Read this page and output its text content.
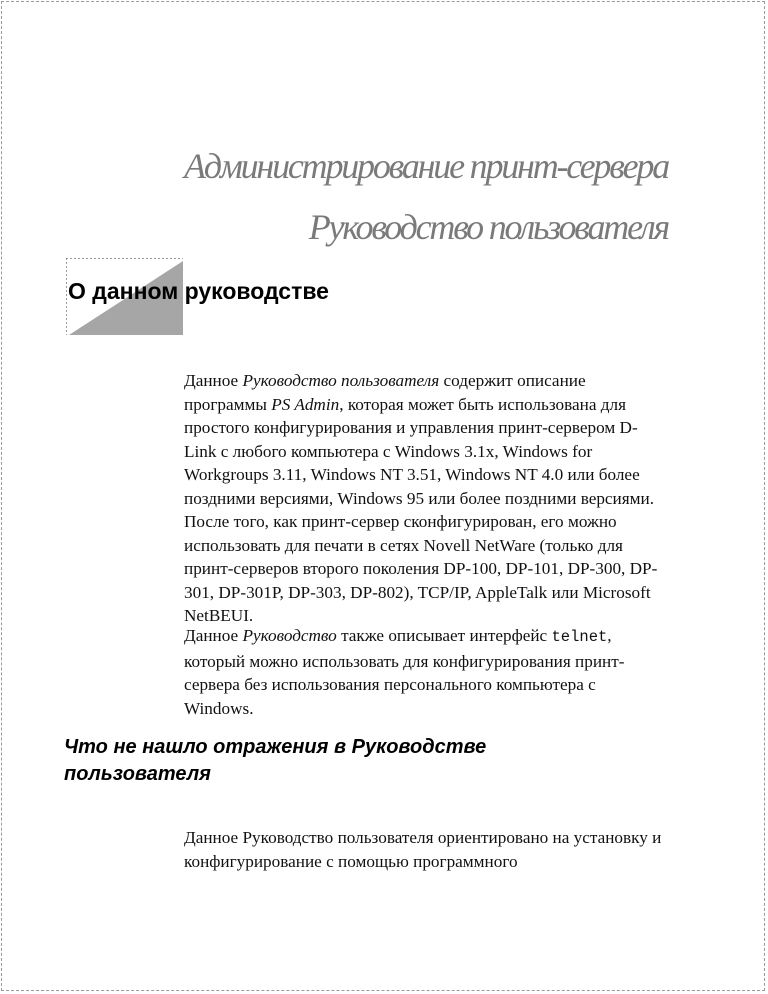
Администрирование принт-сервера
Руководство пользователя
О данном руководстве

Данное Руководство пользователя содержит описание программы PS Admin, которая может быть использована для простого конфигурирования и управления принт-сервером D-Link с любого компьютера с Windows 3.1x, Windows for Workgroups 3.11, Windows NT 3.51, Windows NT 4.0 или более поздними версиями, Windows 95 или более поздними версиями. После того, как принт-сервер сконфигурирован, его можно использовать для печати в сетях Novell NetWare (только для принт-серверов второго поколения DP-100, DP-101, DP-300, DP-301, DP-301P, DP-303, DP-802), TCP/IP, AppleTalk или Microsoft NetBEUI.

Данное Руководство также описывает интерфейс telnet, который можно использовать для конфигурирования принт-сервера без использования персонального компьютера с Windows.

Что не нашло отражения в Руководстве пользователя

Данное Руководство пользователя ориентировано на установку и конфигурирование с помощью программного
